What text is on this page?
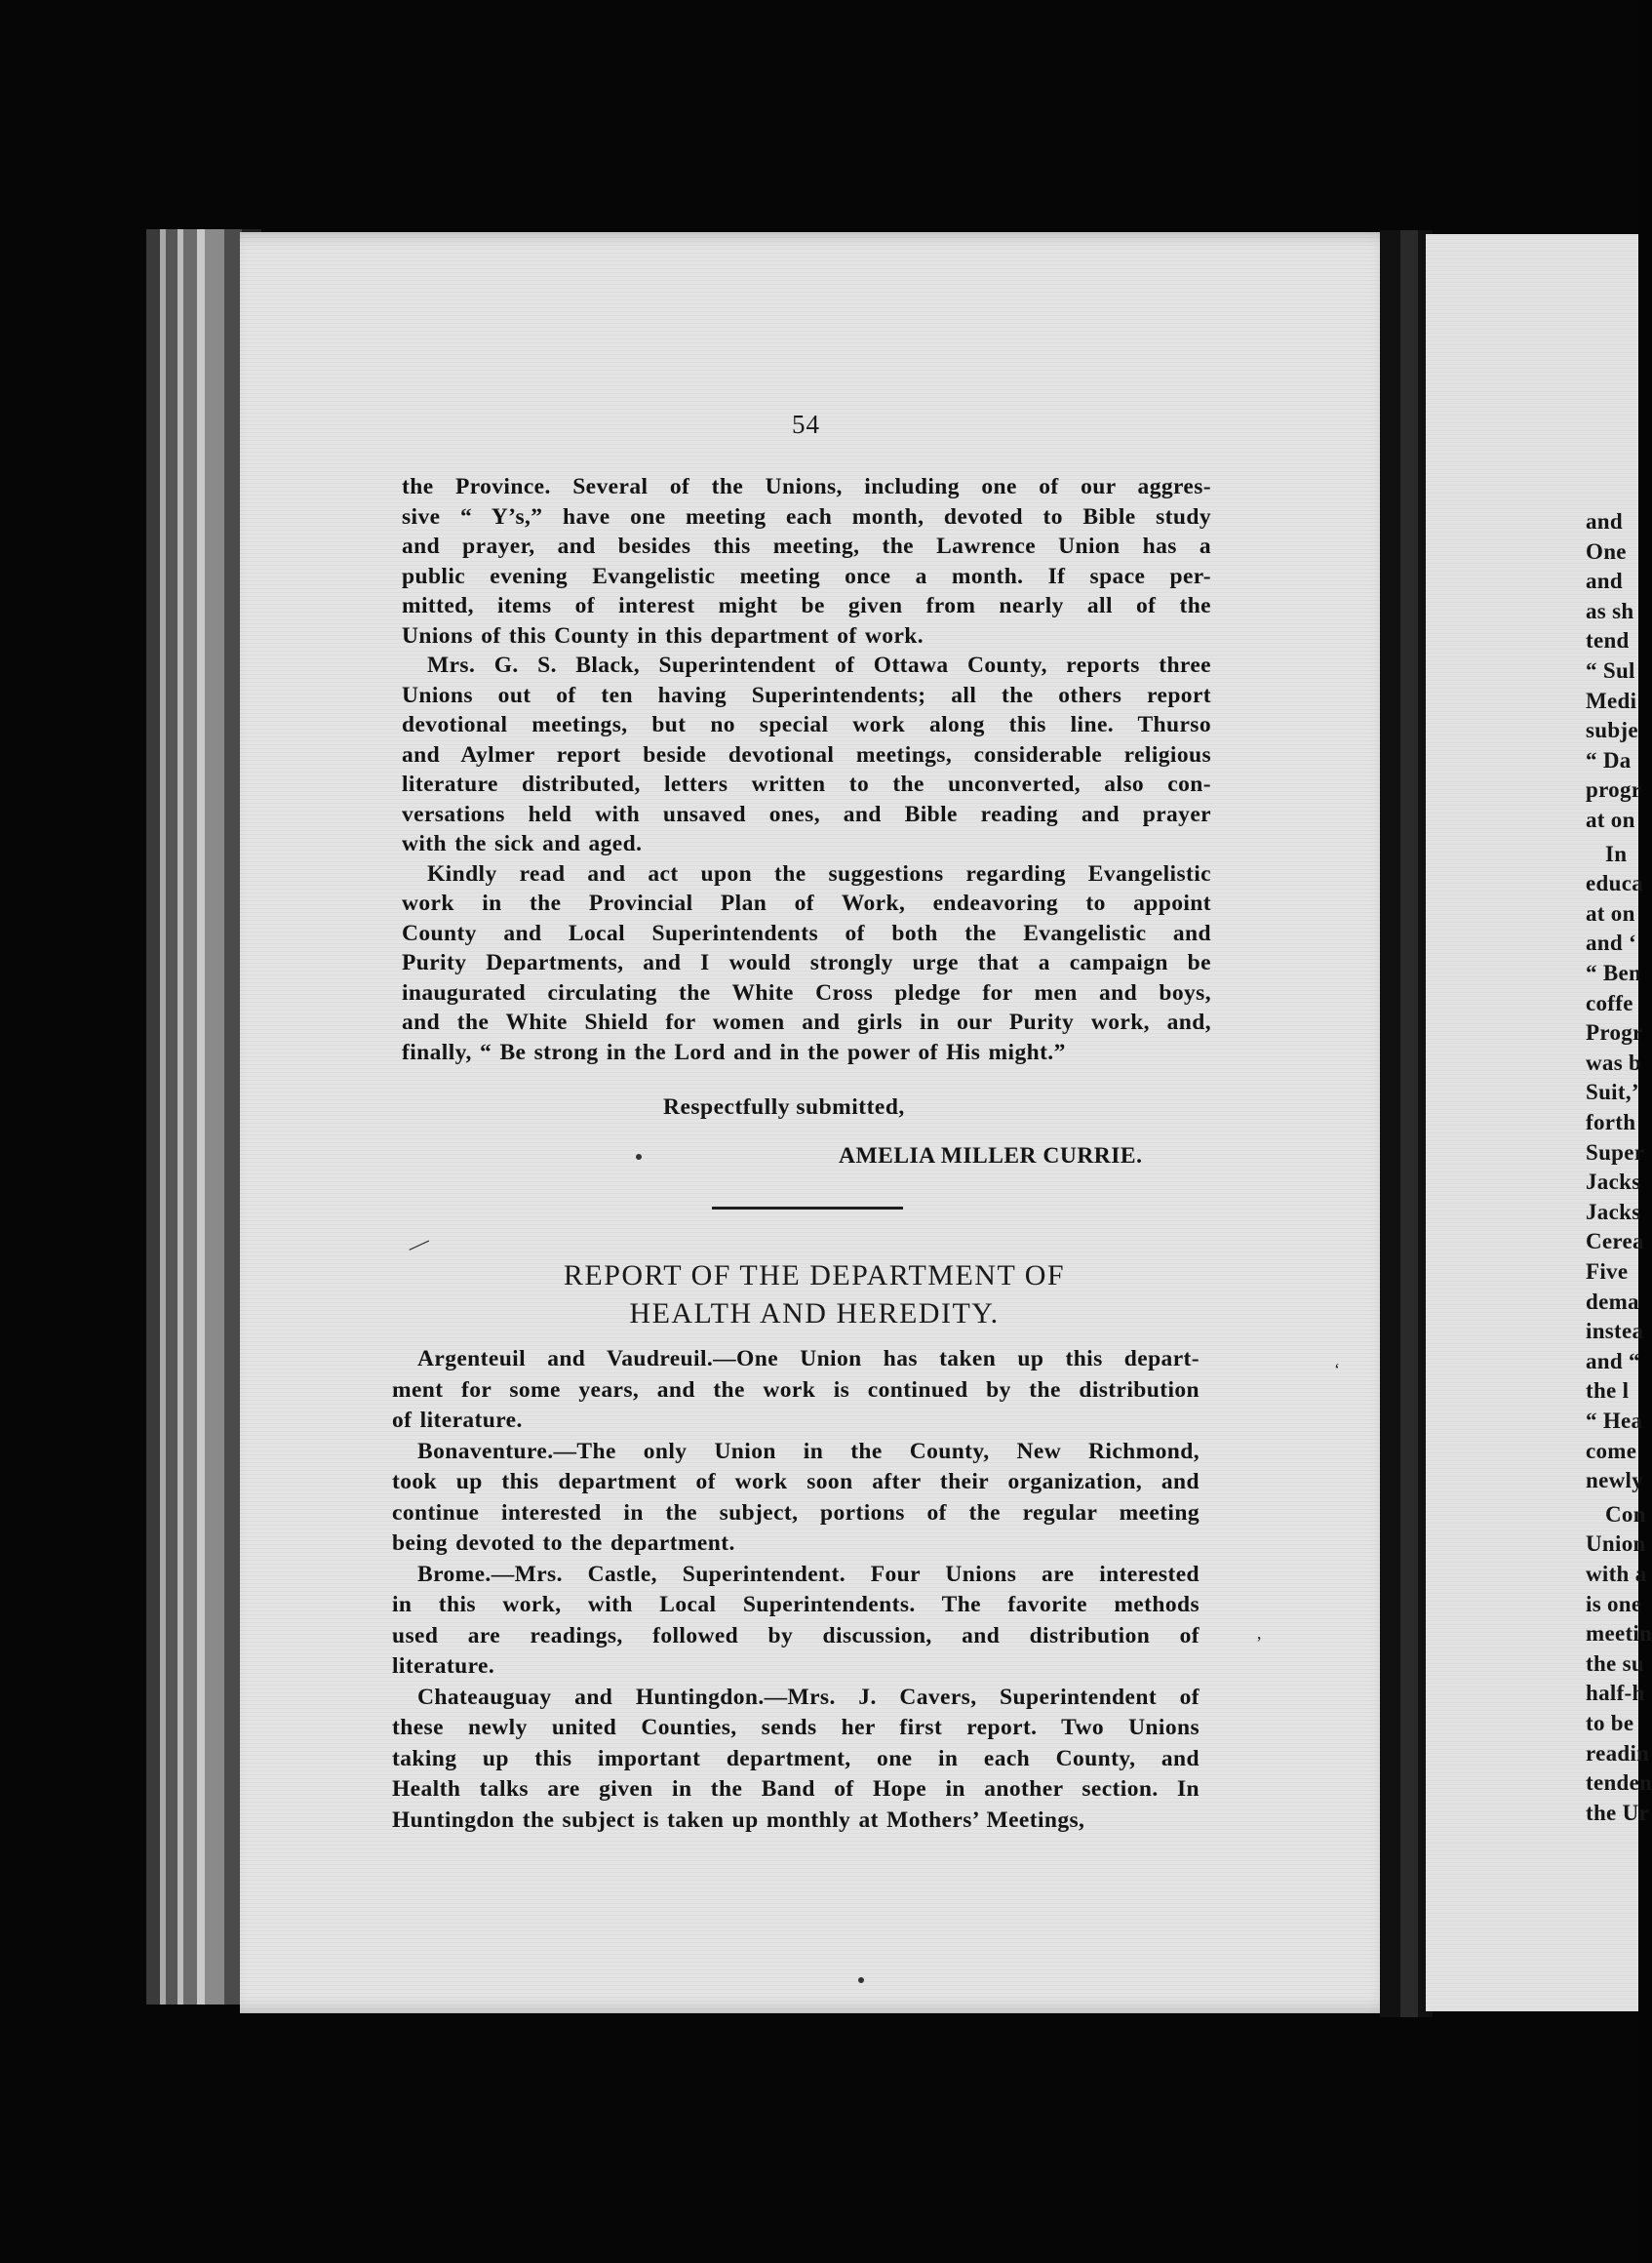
and
One
and
as sh
tend
“ Sul
Medi
subje
“ Da
progr
at on
In
educa
at on
and ‘
“ Ben
coffe
Progr
was b
Suit,’
forth
Super
Jacks
Jacks
Cerea
Five
dema
instea
and “
the l
“ Hea
come
newly
Con
Union
with a
is one
meetin
the su
half-h
to be
readin
tenden
the Ur
54
the Province. Several of the Unions, including one of our aggres-
sive “ Y’s,” have one meeting each month, devoted to Bible study
and prayer, and besides this meeting, the Lawrence Union has a
public evening Evangelistic meeting once a month. If space per-
mitted, items of interest might be given from nearly all of the
Unions of this County in this department of work.
Mrs. G. S. Black, Superintendent of Ottawa County, reports three
Unions out of ten having Superintendents; all the others report
devotional meetings, but no special work along this line. Thurso
and Aylmer report beside devotional meetings, considerable religious
literature distributed, letters written to the unconverted, also con-
versations held with unsaved ones, and Bible reading and prayer
with the sick and aged.
Kindly read and act upon the suggestions regarding Evangelistic
work in the Provincial Plan of Work, endeavoring to appoint
County and Local Superintendents of both the Evangelistic and
Purity Departments, and I would strongly urge that a campaign be
inaugurated circulating the White Cross pledge for men and boys,
and the White Shield for women and girls in our Purity work, and,
finally, “ Be strong in the Lord and in the power of His might.”
Respectfully submitted,
AMELIA MILLER CURRIE.
REPORT OF THE DEPARTMENT OF
HEALTH AND HEREDITY.
Argenteuil and Vaudreuil.—One Union has taken up this depart-
ment for some years, and the work is continued by the distribution
of literature.
Bonaventure.—The only Union in the County, New Richmond,
took up this department of work soon after their organization, and
continue interested in the subject, portions of the regular meeting
being devoted to the department.
Brome.—Mrs. Castle, Superintendent. Four Unions are interested
in this work, with Local Superintendents. The favorite methods
used are readings, followed by discussion, and distribution of
literature.
Chateauguay and Huntingdon.—Mrs. J. Cavers, Superintendent of
these newly united Counties, sends her first report. Two Unions
taking up this important department, one in each County, and
Health talks are given in the Band of Hope in another section. In
Huntingdon the subject is taken up monthly at Mothers’ Meetings,
—
‘
’
